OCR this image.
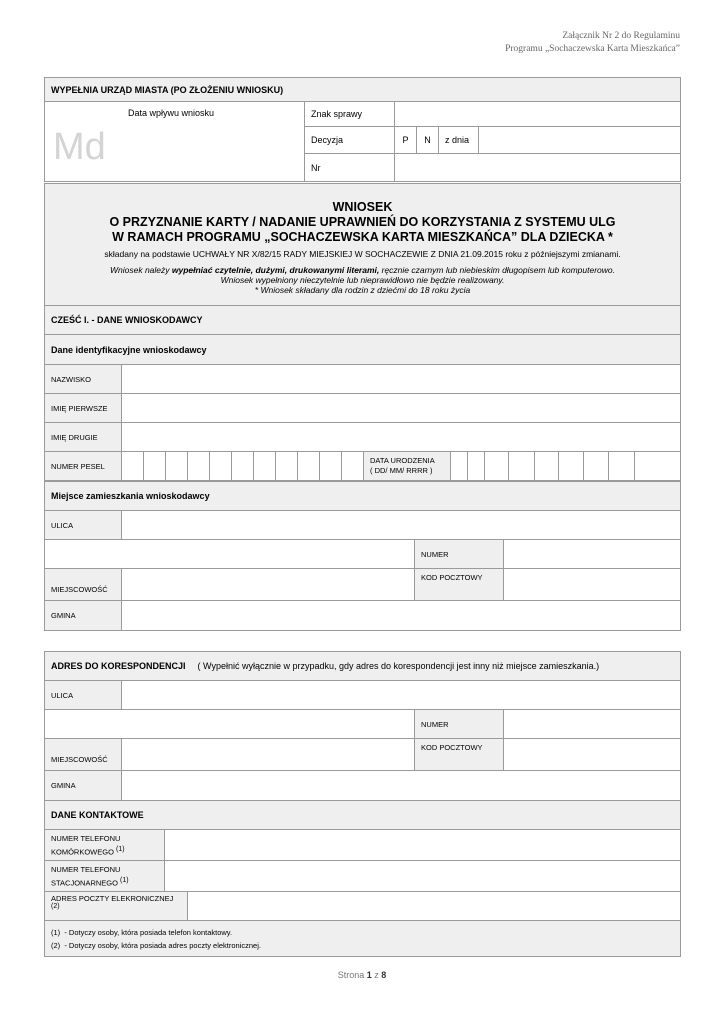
Załącznik Nr 2 do Regulaminu
Programu „Sochaczewska Karta Mieszkańca”
WYPEŁNIA URZĄD MIASTA (PO ZŁOŻENIU WNIOSKU)					

Data wpływu wniosku
Md	Znak sprawy				
	Decyzja	P	N	z dnia	
	Nr				
WNIOSEK
O PRZYZNANIE KARTY / NADANIE UPRAWNIEŃ DO KORZYSTANIA Z SYSTEMU ULG
W RAMACH PROGRAMU „SOCHACZEWSKA KARTA MIESZKAŃCA” DLA DZIECKA *
składany na podstawie UCHWAŁY NR X/82/15 RADY MIEJSKIEJ W SOCHACZEWIE Z DNIA 21.09.2015 roku z późniejszymi zmianami.
Wniosek należy wypełniać czytelnie, dużymi, drukowanymi literami, ręcznie czarnym lub niebieskim długopisem lub komputerowo.
Wniosek wypełniony nieczytelnie lub nieprawidłowo nie będzie realizowany.
* Wniosek składany dla rodzin z dziećmi do 18 roku życia
CZEŚĆ I. - DANE WNIOSKODAWCY																					
Dane identyfikacyjne wnioskodawcy																					
NAZWISKO																					
IMIĘ PIERWSZE																					
IMIĘ DRUGIE																					
NUMER PESEL												DATA URODZENIA
( DD/ MM/ RRRR )									

Miejsce zamieszkania wnioskodawcy			
ULICA			
		NUMER	
MIEJSCOWOŚĆ		KOD POCZTOWY	
GMINA			
ADRES DO KORESPONDENCJI ( Wypełnić wyłącznie w przypadku, gdy adres do korespondencji jest inny niż miejsce zamieszkania.)			
ULICA			
		NUMER	
MIEJSCOWOŚĆ		KOD POCZTOWY	
GMINA			
DANE KONTAKTOWE		

NUMER TELEFONU
KOMÓRKOWEGO $^{(1)}$

NUMER TELEFONU
STACJONARNEGO $^{(1)}$

ADRES POCZTY ELEKRONICZNEJ $^{(2)}$	

(1) - Dotyczy osoby, która posiada telefon kontaktowy.
(2) - Dotyczy osoby, która posiada adres poczty elektronicznej.		
Strona 1 z 8
